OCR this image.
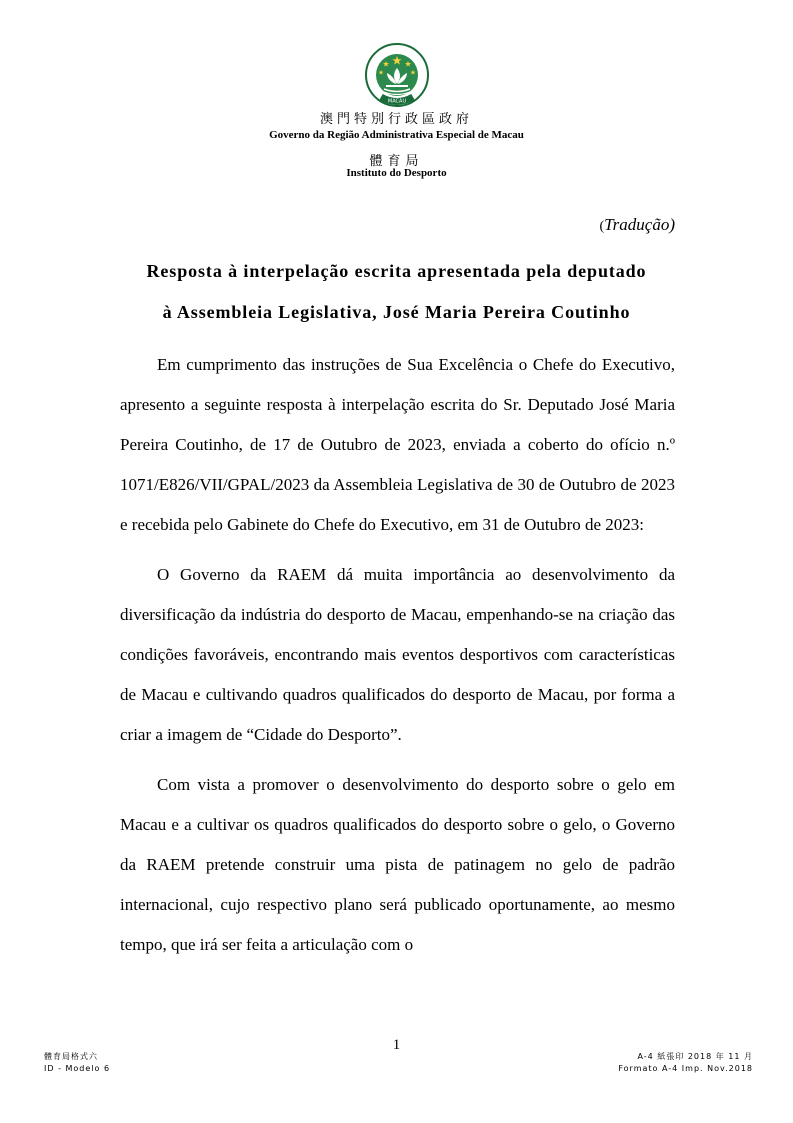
MACAU
澳門特別行政區政府
Governo da Região Administrativa Especial de Macau
體育局
Instituto do Desporto
(Tradução)
Resposta à interpelação escrita apresentada pela deputado
à Assembleia Legislativa, José Maria Pereira Coutinho

Em cumprimento das instruções de Sua Excelência o Chefe do Executivo, apresento a seguinte resposta à interpelação escrita do Sr. Deputado José Maria Pereira Coutinho, de 17 de Outubro de 2023, enviada a coberto do ofício n.º 1071/E826/VII/GPAL/2023 da Assembleia Legislativa de 30 de Outubro de 2023 e recebida pelo Gabinete do Chefe do Executivo, em 31 de Outubro de 2023:

O Governo da RAEM dá muita importância ao desenvolvimento da diversificação da indústria do desporto de Macau, empenhando-se na criação das condições favoráveis, encontrando mais eventos desportivos com características de Macau e cultivando quadros qualificados do desporto de Macau, por forma a criar a imagem de “Cidade do Desporto”.

Com vista a promover o desenvolvimento do desporto sobre o gelo em Macau e a cultivar os quadros qualificados do desporto sobre o gelo, o Governo da RAEM pretende construir uma pista de patinagem no gelo de padrão internacional, cujo respectivo plano será publicado oportunamente, ao mesmo tempo, que irá ser feita a articulação com o

1
體育局格式六
ID - Modelo 6
A-4 紙張印 2018 年 11 月
Formato A-4 Imp. Nov.2018
